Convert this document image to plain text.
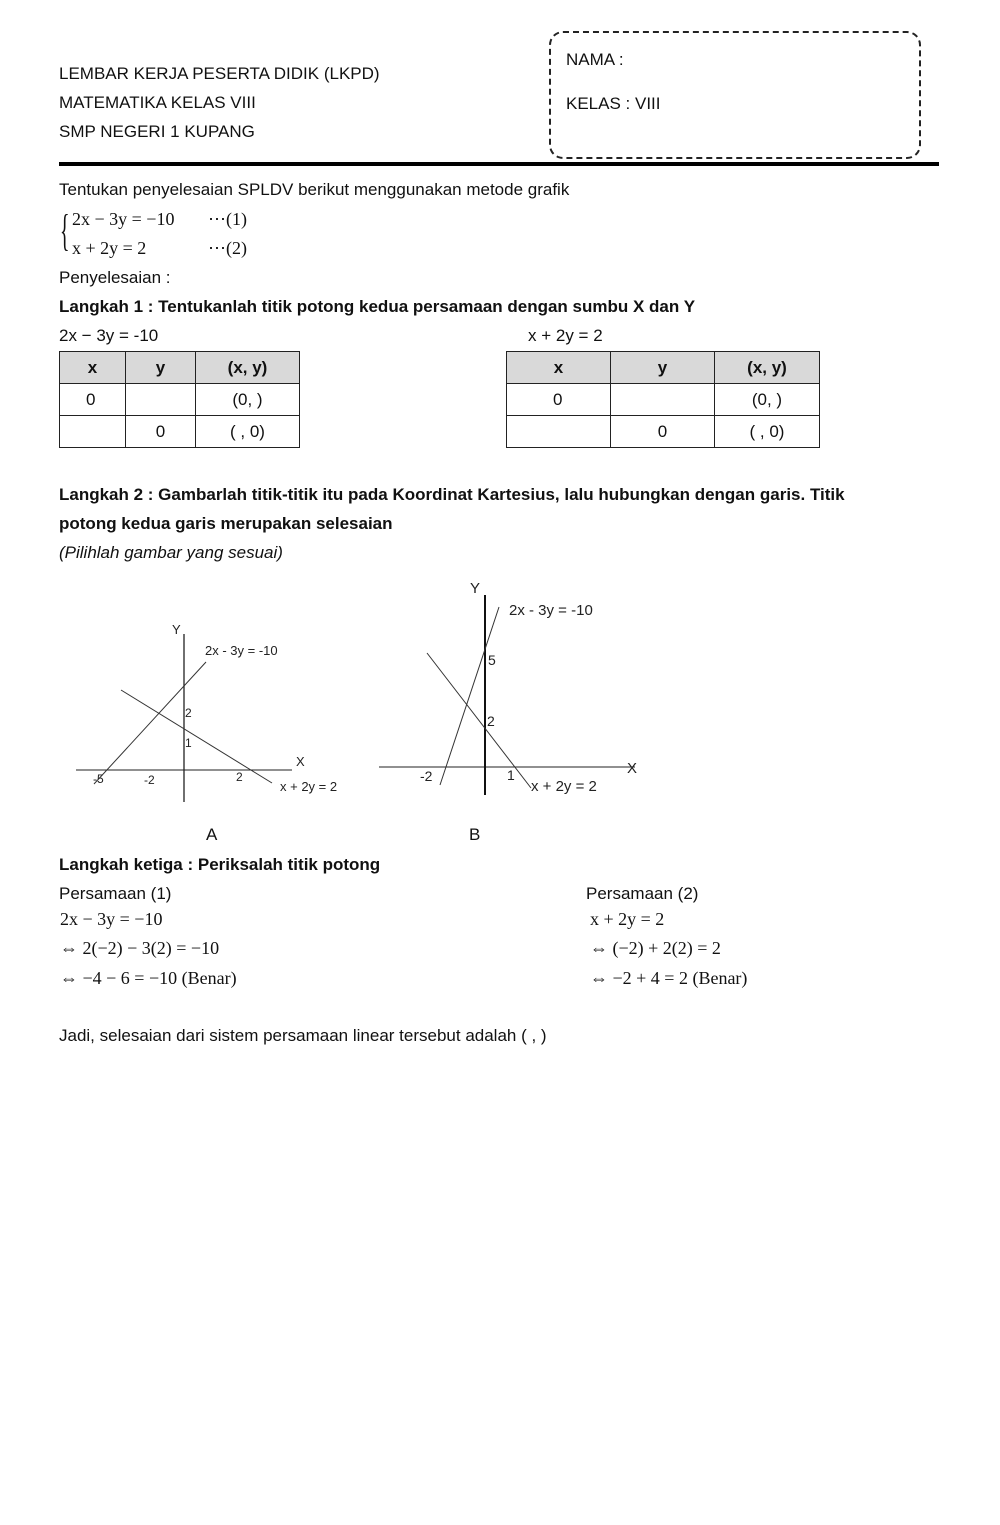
LEMBAR KERJA PESERTA DIDIK (LKPD)
MATEMATIKA KELAS VIII
SMP NEGERI 1 KUPANG
NAMA :
KELAS : VIII
Tentukan penyelesaian SPLDV berikut menggunakan metode grafik
{ 2x − 3y = −10 ⋯(1)
x + 2y = 2	⋯(2)
Penyelesaian :
Langkah 1 : Tentukanlah titik potong kedua persamaan dengan sumbu X dan Y
2x − 3y = -10	x + 2y = 2
x	y	(x, y)
0		(0, )
	0	( , 0)
x	y	(x, y)
0		(0, )
	0	( , 0)
Langkah 2 : Gambarlah titik-titik itu pada Koordinat Kartesius, lalu hubungkan dengan garis. Titik
potong kedua garis merupakan selesaian
(Pilihlah gambar yang sesuai)
Y
X
2x - 3y = -10
x + 2y = 2
-5	-2	2
2
1
A
Y
X
2x - 3y = -10
x + 2y = 2
-2	1
2
5
B
Langkah ketiga : Periksalah titik potong
Persamaan (1)
2x − 3y = −10
⇔ 2(−2) − 3(2) = −10
⇔ −4 − 6 = −10 (Benar)
Persamaan (2)
x + 2y = 2
⇔ (−2) + 2(2) = 2
⇔ −2 + 4 = 2 (Benar)
Jadi, selesaian dari sistem persamaan linear tersebut adalah ( , )
